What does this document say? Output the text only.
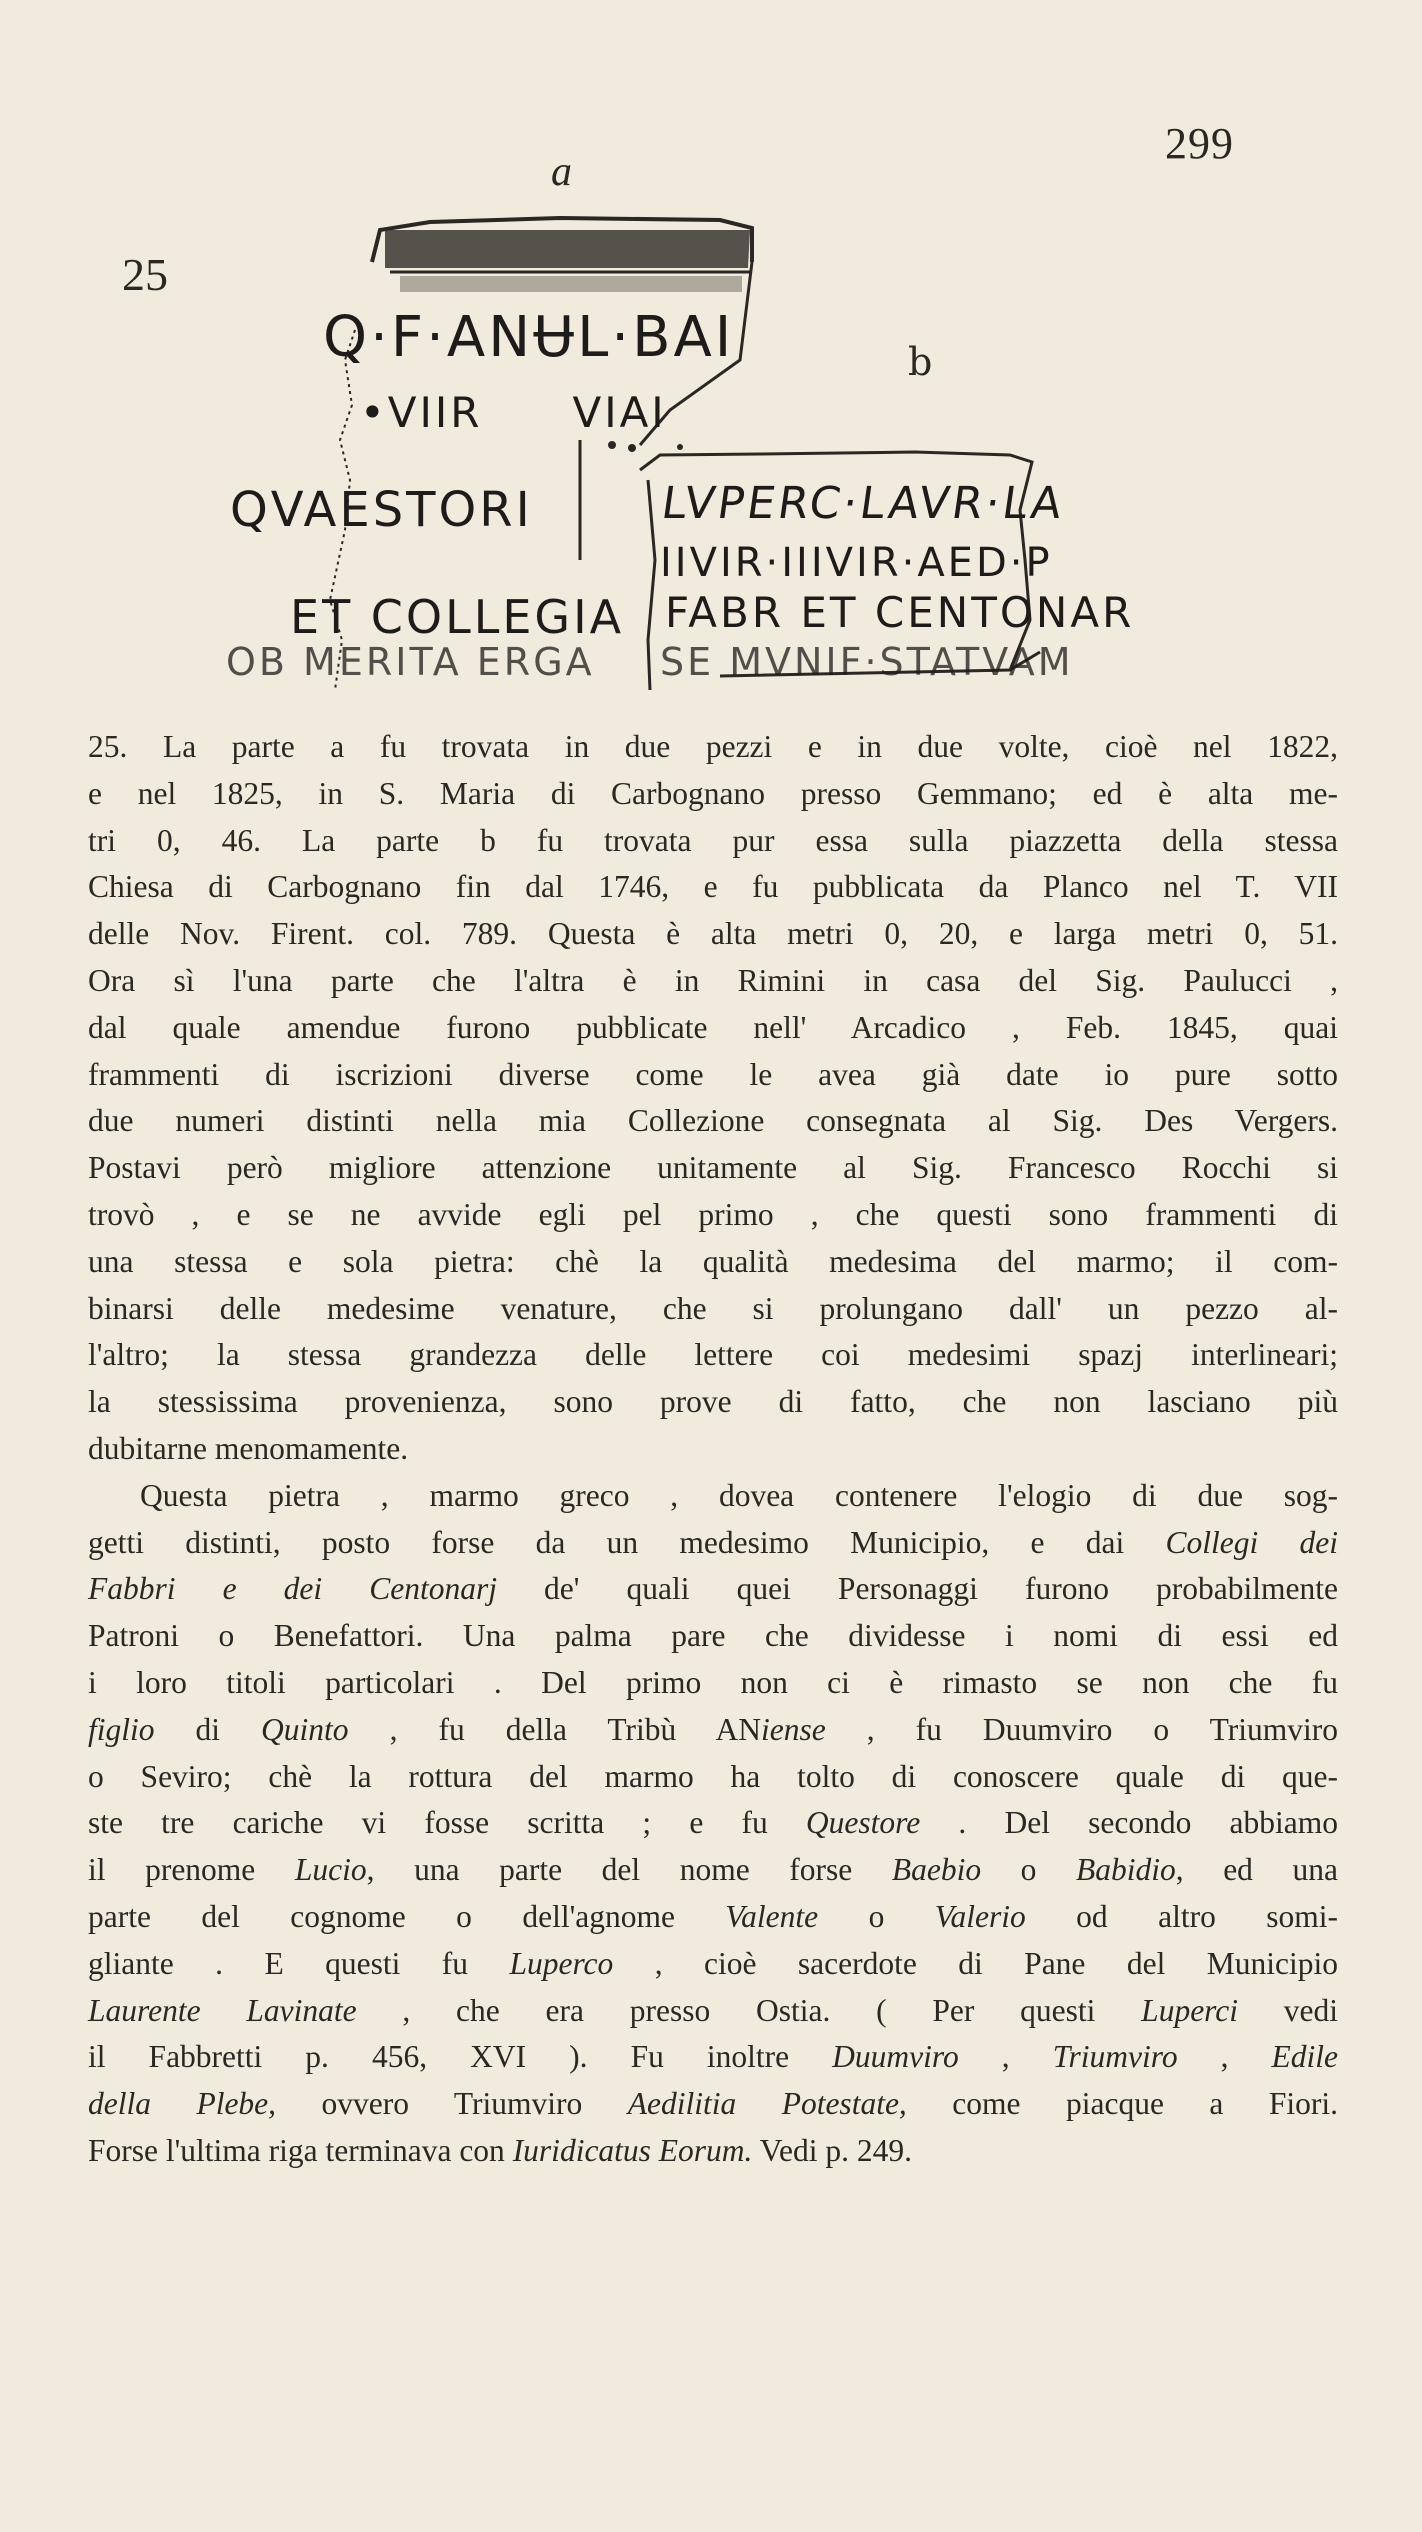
299
25
a
b
Q·F·ANɄL·BAI
•VIIR  VIAI
QVAESTORI	LVPERC·LAVR·LA
IIVIR·IIIVIR·AED·P
ET COLLEGIA FABR ET CENTONAR
OB MERITA ERGA SE MVNIF·STATVAM
25. La parte a fu trovata in due pezzi e in due volte, cioè nel 1822,
e nel 1825, in S. Maria di Carbognano presso Gemmano; ed è alta me-
tri 0, 46. La parte b fu trovata pur essa sulla piazzetta della stessa
Chiesa di Carbognano fin dal 1746, e fu pubblicata da Planco nel T. VII
delle Nov. Firent. col. 789. Questa è alta metri 0, 20, e larga metri 0, 51.
Ora sì l'una parte che l'altra è in Rimini in casa del Sig. Paulucci ,
dal quale amendue furono pubblicate nell' Arcadico , Feb. 1845, quai
frammenti di iscrizioni diverse come le avea già date io pure sotto
due numeri distinti nella mia Collezione consegnata al Sig. Des Vergers.
Postavi però migliore attenzione unitamente al Sig. Francesco Rocchi si
trovò , e se ne avvide egli pel primo , che questi sono frammenti di
una stessa e sola pietra: chè la qualità medesima del marmo; il com-
binarsi delle medesime venature, che si prolungano dall' un pezzo al-
l'altro; la stessa grandezza delle lettere coi medesimi spazj interlineari;
la stessissima provenienza, sono prove di fatto, che non lasciano più
dubitarne menomamente.
Questa pietra , marmo greco , dovea contenere l'elogio di due sog-
getti distinti, posto forse da un medesimo Municipio, e dai Collegi dei
Fabbri e dei Centonarj de' quali quei Personaggi furono probabilmente
Patroni o Benefattori. Una palma pare che dividesse i nomi di essi ed
i loro titoli particolari . Del primo non ci è rimasto se non che fu
figlio di Quinto , fu della Tribù ANiense , fu Duumviro o Triumviro
o Seviro; chè la rottura del marmo ha tolto di conoscere quale di que-
ste tre cariche vi fosse scritta ; e fu Questore . Del secondo abbiamo
il prenome Lucio, una parte del nome forse Baebio o Babidio, ed una
parte del cognome o dell'agnome Valente o Valerio od altro somi-
gliante . E questi fu Luperco , cioè sacerdote di Pane del Municipio
Laurente Lavinate , che era presso Ostia. ( Per questi Luperci vedi
il Fabbretti p. 456, XVI ). Fu inoltre Duumviro , Triumviro , Edile
della Plebe, ovvero Triumviro Aedilitia Potestate, come piacque a Fiori.
Forse l'ultima riga terminava con Iuridicatus Eorum. Vedi p. 249.
